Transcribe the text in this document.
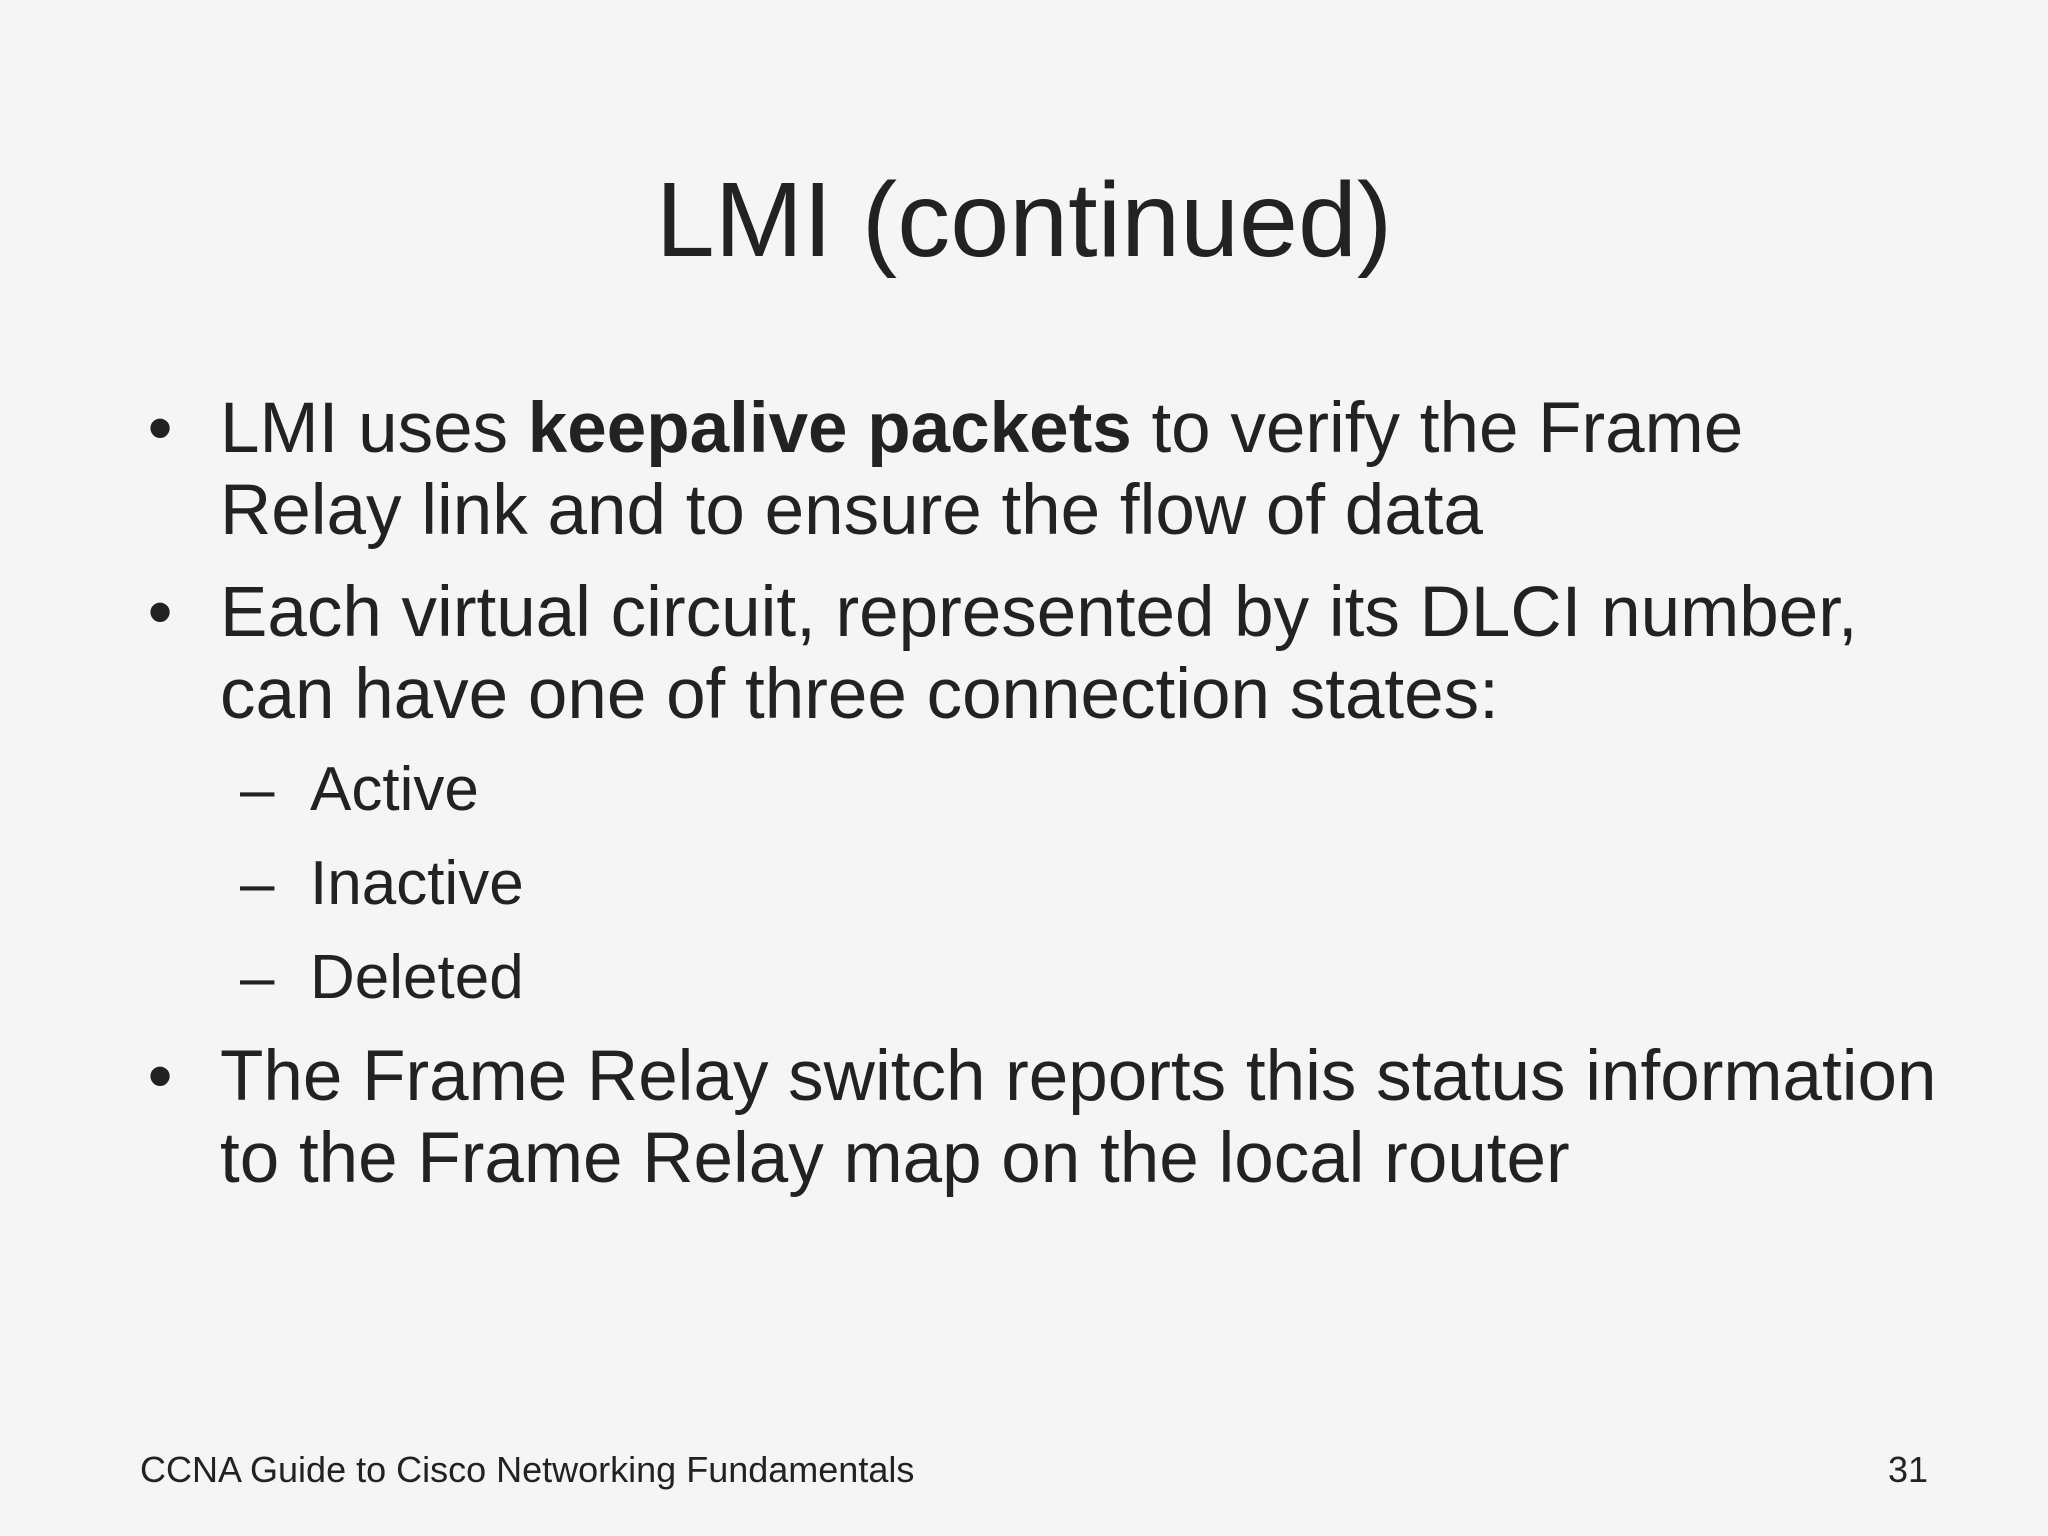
LMI (continued)
• LMI uses keepalive packets to verify the Frame Relay link and to ensure the flow of data
• Each virtual circuit, represented by its DLCI number, can have one of three connection states:
– Active
– Inactive
– Deleted
• The Frame Relay switch reports this status information to the Frame Relay map on the local router
CCNA Guide to Cisco Networking Fundamentals	31
